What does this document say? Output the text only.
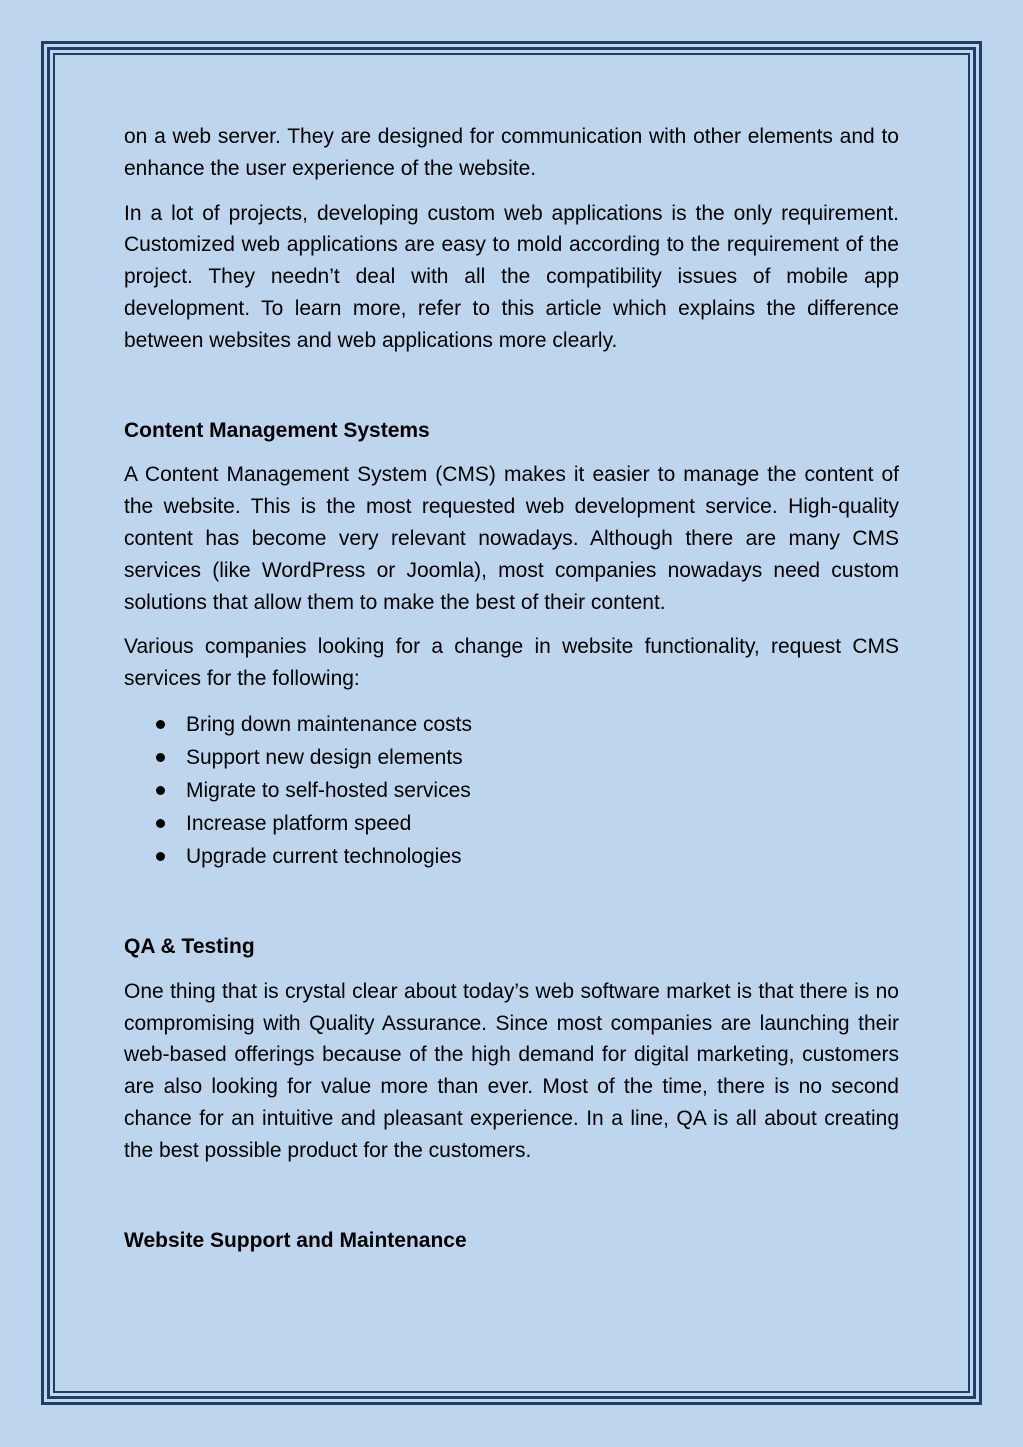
on a web server. They are designed for communication with other elements and to enhance the user experience of the website.

In a lot of projects, developing custom web applications is the only requirement. Customized web applications are easy to mold according to the requirement of the project. They needn’t deal with all the compatibility issues of mobile app development. To learn more, refer to this article which explains the difference between websites and web applications more clearly.

Content Management Systems

A Content Management System (CMS) makes it easier to manage the content of the website. This is the most requested web development service. High-quality content has become very relevant nowadays. Although there are many CMS services (like WordPress or Joomla), most companies nowadays need custom solutions that allow them to make the best of their content.

Various companies looking for a change in website functionality, request CMS services for the following:

Bring down maintenance costs
Support new design elements
Migrate to self-hosted services
Increase platform speed
Upgrade current technologies
QA & Testing

One thing that is crystal clear about today’s web software market is that there is no compromising with Quality Assurance. Since most companies are launching their web-based offerings because of the high demand for digital marketing, customers are also looking for value more than ever. Most of the time, there is no second chance for an intuitive and pleasant experience. In a line, QA is all about creating the best possible product for the customers.

Website Support and Maintenance
